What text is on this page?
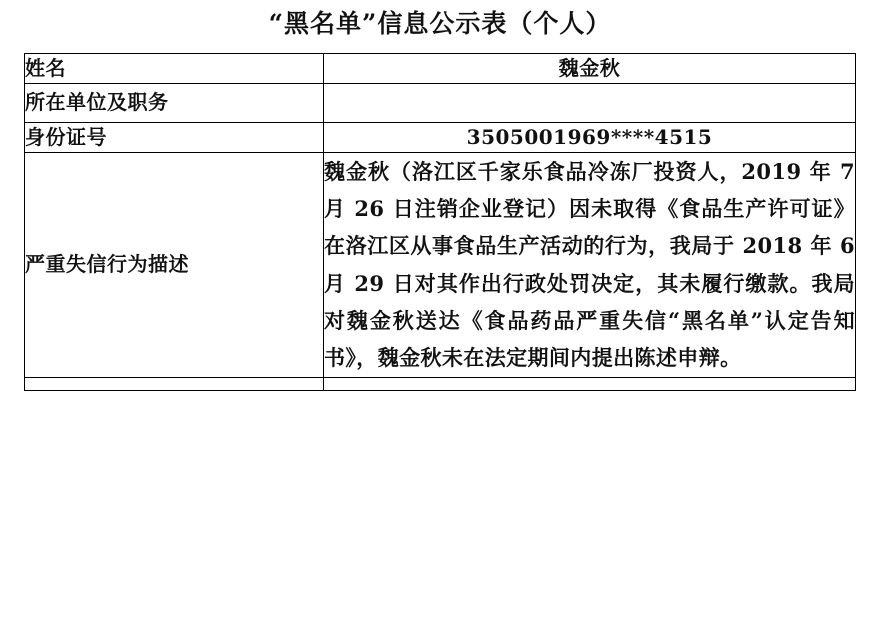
“黑名单”信息公示表（个人）
姓名	魏金秋
所在单位及职务	
身份证号	3505001969****4515
严重失信行为描述	魏金秋（洛江区千家乐食品冷冻厂投资人，2019 年 7 月 26 日注销企业登记）因未取得《食品生产许可证》在洛江区从事食品生产活动的行为，我局于 2018 年 6 月 29 日对其作出行政处罚决定，其未履行缴款。我局对魏金秋送达《食品药品严重失信“黑名单”认定告知书》，魏金秋未在法定期间内提出陈述申辩。
